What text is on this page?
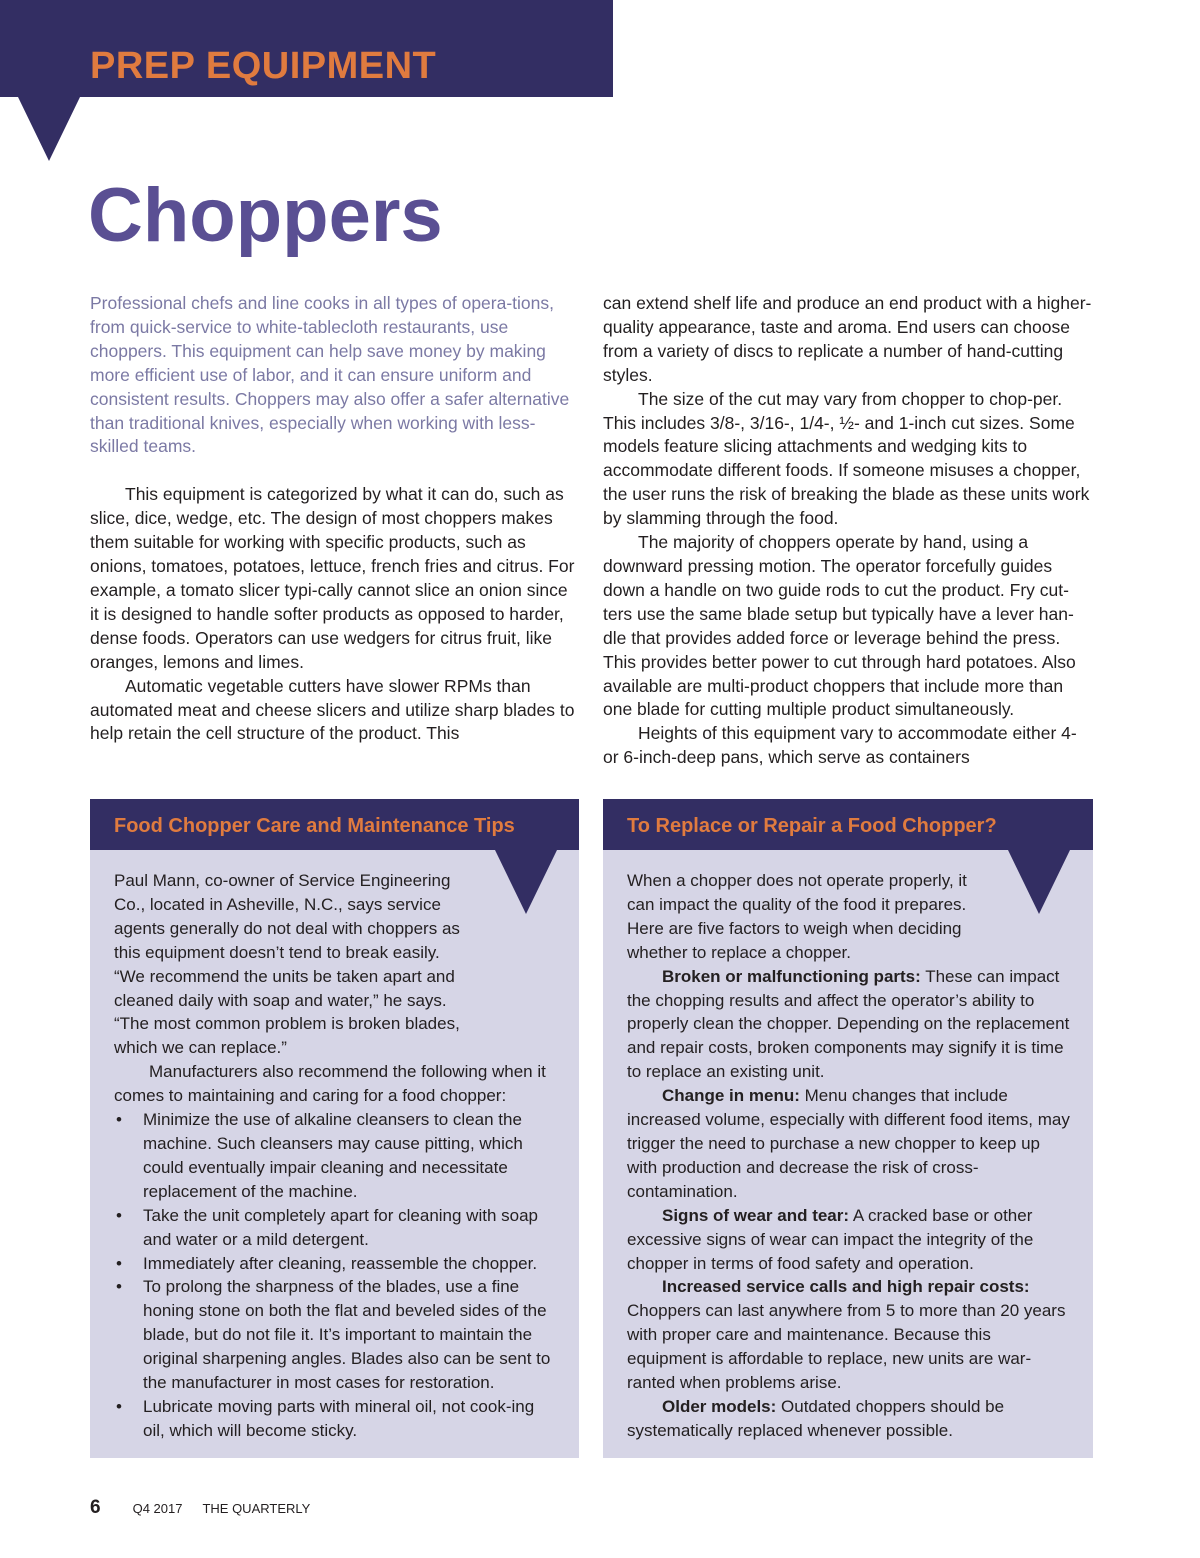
PREP EQUIPMENT
Choppers

Professional chefs and line cooks in all types of opera-tions, from quick-service to white-tablecloth restaurants, use choppers. This equipment can help save money by making more efficient use of labor, and it can ensure uniform and consistent results. Choppers may also offer a safer alternative than traditional knives, especially when working with less-skilled teams.

This equipment is categorized by what it can do, such as slice, dice, wedge, etc. The design of most choppers makes them suitable for working with specific products, such as onions, tomatoes, potatoes, lettuce, french fries and citrus. For example, a tomato slicer typi-cally cannot slice an onion since it is designed to handle softer products as opposed to harder, dense foods. Operators can use wedgers for citrus fruit, like oranges, lemons and limes.

Automatic vegetable cutters have slower RPMs than automated meat and cheese slicers and utilize sharp blades to help retain the cell structure of the product. This

can extend shelf life and produce an end product with a higher-quality appearance, taste and aroma. End users can choose from a variety of discs to replicate a number of hand-cutting styles.

The size of the cut may vary from chopper to chop-per. This includes 3/8-, 3/16-, 1/4-, ½- and 1-inch cut sizes. Some models feature slicing attachments and wedging kits to accommodate different foods. If someone misuses a chopper, the user runs the risk of breaking the blade as these units work by slamming through the food.

The majority of choppers operate by hand, using a downward pressing motion. The operator forcefully guides down a handle on two guide rods to cut the product. Fry cut-ters use the same blade setup but typically have a lever han-dle that provides added force or leverage behind the press. This provides better power to cut through hard potatoes. Also available are multi-product choppers that include more than one blade for cutting multiple product simultaneously.

Heights of this equipment vary to accommodate either 4- or 6-inch-deep pans, which serve as containers

Food Chopper Care and Maintenance Tips

Paul Mann, co-owner of Service Engineering Co., located in Asheville, N.C., says service agents generally do not deal with choppers as this equipment doesn’t tend to break easily. “We recommend the units be taken apart and cleaned daily with soap and water,” he says. “The most common problem is broken blades, which we can replace.”

Manufacturers also recommend the following when it comes to maintaining and caring for a food chopper:

• Minimize the use of alkaline cleansers to clean the machine. Such cleansers may cause pitting, which could eventually impair cleaning and necessitate replacement of the machine.
• Take the unit completely apart for cleaning with soap and water or a mild detergent.
• Immediately after cleaning, reassemble the chopper.
• To prolong the sharpness of the blades, use a fine honing stone on both the flat and beveled sides of the blade, but do not file it. It’s important to maintain the original sharpening angles. Blades also can be sent to the manufacturer in most cases for restoration.
• Lubricate moving parts with mineral oil, not cook-ing oil, which will become sticky.
To Replace or Repair a Food Chopper?

When a chopper does not operate properly, it can impact the quality of the food it prepares. Here are five factors to weigh when deciding whether to replace a chopper.

Broken or malfunctioning parts: These can impact the chopping results and affect the operator’s ability to properly clean the chopper. Depending on the replacement and repair costs, broken components may signify it is time to replace an existing unit.

Change in menu: Menu changes that include increased volume, especially with different food items, may trigger the need to purchase a new chopper to keep up with production and decrease the risk of cross-contamination.

Signs of wear and tear: A cracked base or other excessive signs of wear can impact the integrity of the chopper in terms of food safety and operation.

Increased service calls and high repair costs: Choppers can last anywhere from 5 to more than 20 years with proper care and maintenance. Because this equipment is affordable to replace, new units are war-ranted when problems arise.

Older models: Outdated choppers should be systematically replaced whenever possible.

6 Q4 2017 THE QUARTERLY
